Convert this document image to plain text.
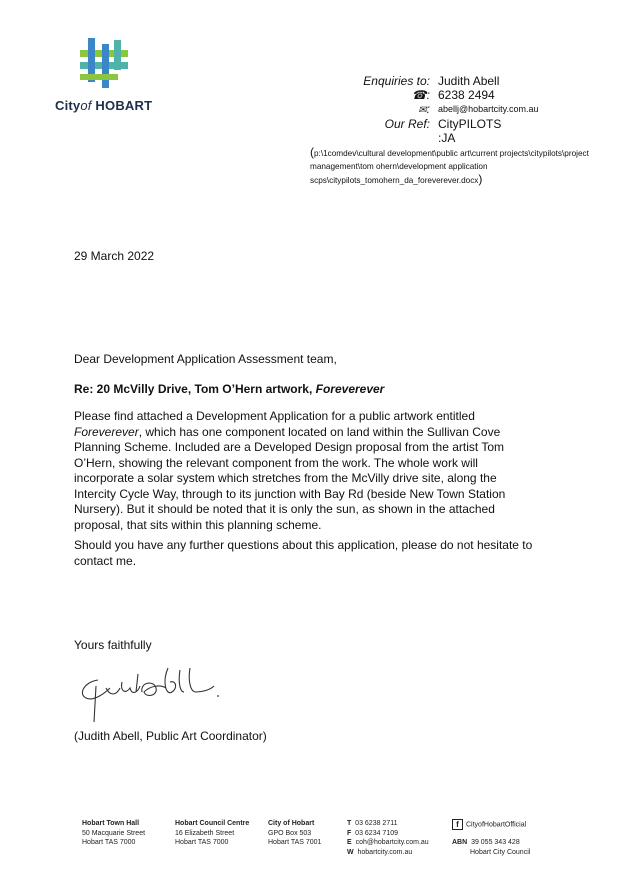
Cityof HOBART
Enquiries to: Judith Abell
☎: 6238 2494
✉: abellj@hobartcity.com.au
Our Ref: CityPILOTS
:JA
(p:\1comdev\cultural development\public art\current projects\citypilots\project management\tom ohern\development application scps\citypilots_tomohern_da_foreverever.docx)
29 March 2022
Dear Development Application Assessment team,
Re: 20 McVilly Drive, Tom O’Hern artwork, Foreverever
Please find attached a Development Application for a public artwork entitled
Foreverever, which has one component located on land within the Sullivan Cove Planning Scheme. Included are a Developed Design proposal from the artist Tom O’Hern, showing the relevant component from the work. The whole work will incorporate a solar system which stretches from the McVilly drive site, along the Intercity Cycle Way, through to its junction with Bay Rd (beside New Town Station Nursery). But it should be noted that it is only the sun, as shown in the attached proposal, that sits within this planning scheme.
Should you have any further questions about this application, please do not hesitate to contact me.
Yours faithfully
(Judith Abell, Public Art Coordinator)
Hobart Town Hall
50 Macquarie Street
Hobart TAS 7000
Hobart Council Centre
16 Elizabeth Street
Hobart TAS 7000
City of Hobart
GPO Box 503
Hobart TAS 7001
T 03 6238 2711
F 03 6234 7109
E coh@hobartcity.com.au
W hobartcity.com.au
f CityofHobartOfficial

ABN 39 055 343 428
Hobart City Council
